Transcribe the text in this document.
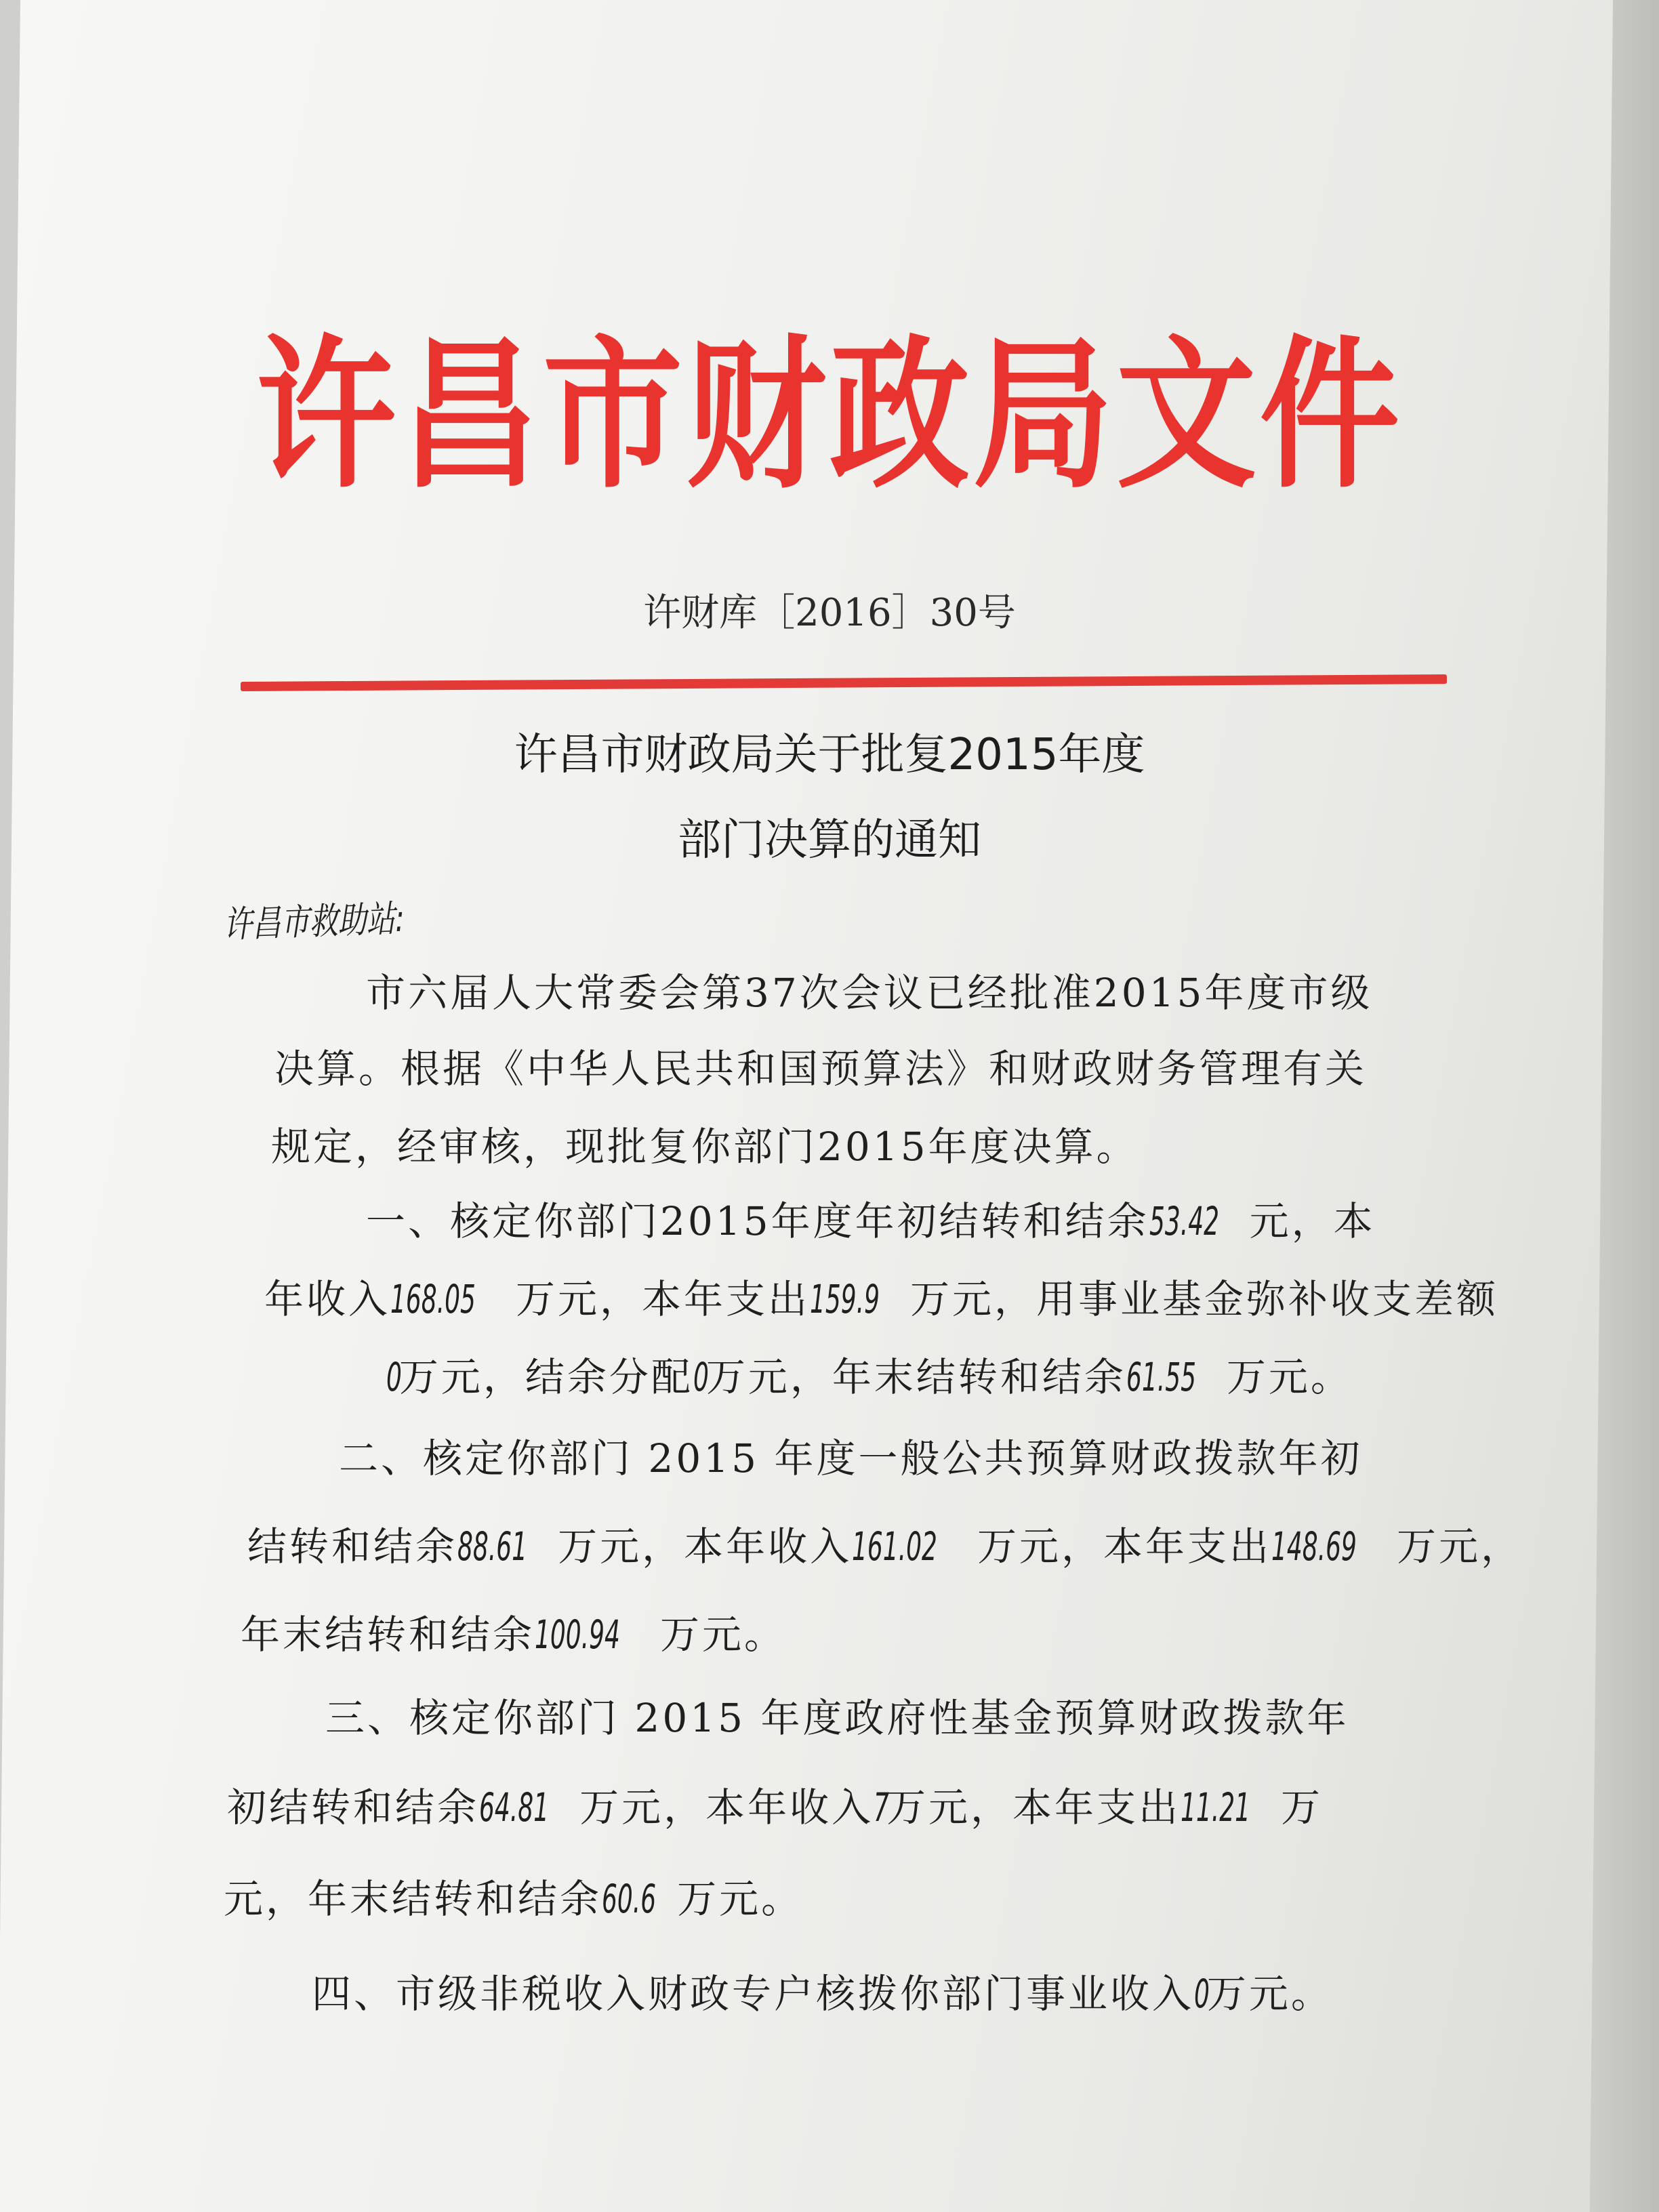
许昌市财政局文件
许财库［2016］30号
许昌市财政局关于批复2015年度
部门决算的通知
许昌市救助站:
市六届人大常委会第37次会议已经批准2015年度市级
决算。根据《中华人民共和国预算法》和财政财务管理有关
规定，经审核，现批复你部门2015年度决算。
一、核定你部门2015年度年初结转和结余53.42 元，本
年收入168.05 万元，本年支出159.9 万元，用事业基金弥补收支差额
0万元，结余分配0万元，年末结转和结余61.55 万元。
二、核定你部门 2015 年度一般公共预算财政拨款年初
结转和结余88.61 万元，本年收入161.02 万元，本年支出148.69 万元，
年末结转和结余100.94 万元。
三、核定你部门 2015 年度政府性基金预算财政拨款年
初结转和结余64.81 万元，本年收入7万元，本年支出11.21 万
元，年末结转和结余60.6 万元。
四、市级非税收入财政专户核拨你部门事业收入0万元。
